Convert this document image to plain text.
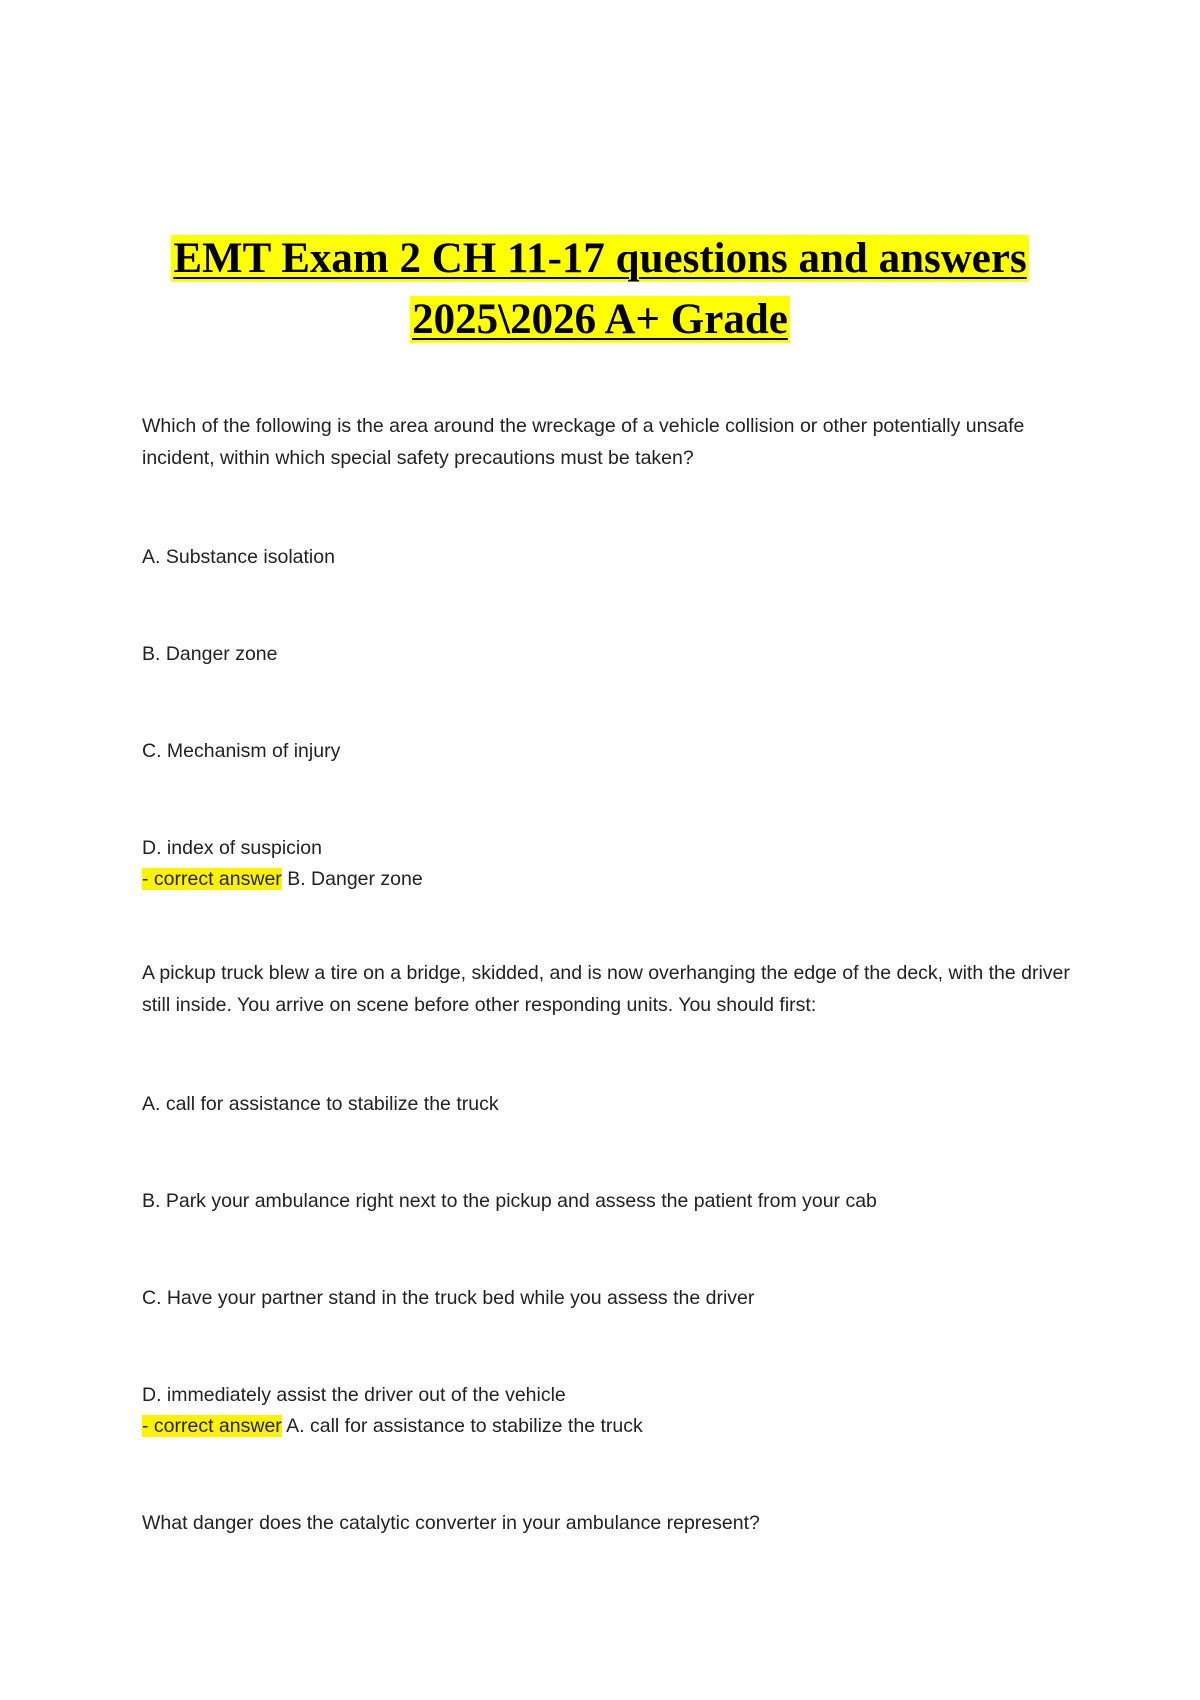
EMT Exam 2 CH 11-17 questions and answers
2025\2026 A+ Grade
Which of the following is the area around the wreckage of a vehicle collision or other potentially unsafe incident, within which special safety precautions must be taken?
A. Substance isolation
B. Danger zone
C. Mechanism of injury
D. index of suspicion
- correct answer B. Danger zone
A pickup truck blew a tire on a bridge, skidded, and is now overhanging the edge of the deck, with the driver still inside. You arrive on scene before other responding units. You should first:
A. call for assistance to stabilize the truck
B. Park your ambulance right next to the pickup and assess the patient from your cab
C. Have your partner stand in the truck bed while you assess the driver
D. immediately assist the driver out of the vehicle
- correct answer A. call for assistance to stabilize the truck
What danger does the catalytic converter in your ambulance represent?
